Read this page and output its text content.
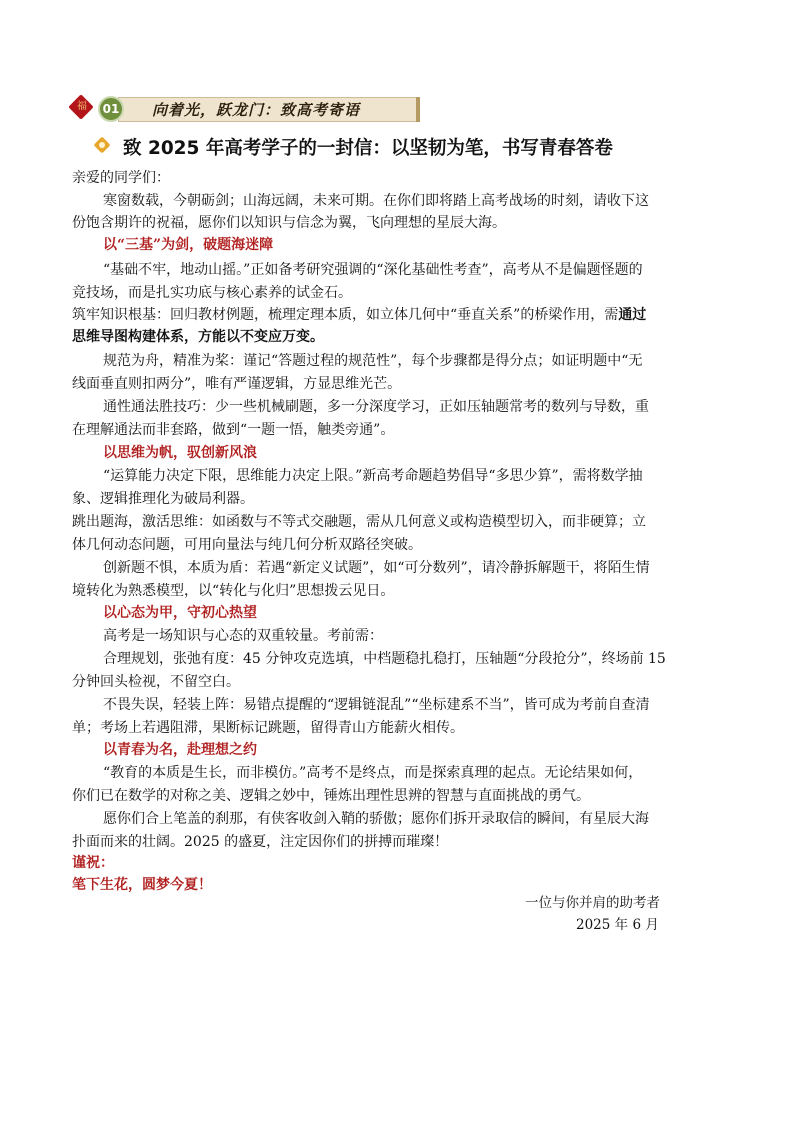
福	01 向着光，跃龙门：致高考寄语
致 2025 年高考学子的一封信：以坚韧为笔，书写青春答卷
亲爱的同学们：
寒窗数载，今朝砺剑；山海远阔，未来可期。在你们即将踏上高考战场的时刻，请收下这
份饱含期许的祝福，愿你们以知识与信念为翼，飞向理想的星辰大海。
以“三基”为剑，破题海迷障
“基础不牢，地动山摇。”正如备考研究强调的“深化基础性考查”，高考从不是偏题怪题的
竞技场，而是扎实功底与核心素养的试金石。
筑牢知识根基：回归教材例题，梳理定理本质，如立体几何中“垂直关系”的桥梁作用，需通过
思维导图构建体系，方能以不变应万变。
规范为舟，精准为桨：谨记“答题过程的规范性”，每个步骤都是得分点；如证明题中“无
线面垂直则扣两分”，唯有严谨逻辑，方显思维光芒。
通性通法胜技巧：少一些机械刷题，多一分深度学习，正如压轴题常考的数列与导数，重
在理解通法而非套路，做到“一题一悟，触类旁通”。
以思维为帆，驭创新风浪
“运算能力决定下限，思维能力决定上限。”新高考命题趋势倡导“多思少算”，需将数学抽
象、逻辑推理化为破局利器。
跳出题海，激活思维：如函数与不等式交融题，需从几何意义或构造模型切入，而非硬算；立
体几何动态问题，可用向量法与纯几何分析双路径突破。
创新题不惧，本质为盾：若遇“新定义试题”，如“可分数列”，请冷静拆解题干，将陌生情
境转化为熟悉模型，以“转化与化归”思想拨云见日。
以心态为甲，守初心热望
高考是一场知识与心态的双重较量。考前需：
合理规划，张弛有度：45 分钟攻克选填，中档题稳扎稳打，压轴题“分段抢分”，终场前 15
分钟回头检视，不留空白。
不畏失误，轻装上阵：易错点提醒的“逻辑链混乱”“坐标建系不当”，皆可成为考前自查清
单；考场上若遇阻滞，果断标记跳题，留得青山方能薪火相传。
以青春为名，赴理想之约
“教育的本质是生长，而非模仿。”高考不是终点，而是探索真理的起点。无论结果如何，
你们已在数学的对称之美、逻辑之妙中，锤炼出理性思辨的智慧与直面挑战的勇气。
愿你们合上笔盖的刹那，有侠客收剑入鞘的骄傲；愿你们拆开录取信的瞬间，有星辰大海
扑面而来的壮阔。2025 的盛夏，注定因你们的拼搏而璀璨！
谨祝：
笔下生花，圆梦今夏！
一位与你并肩的助考者
2025 年 6 月
